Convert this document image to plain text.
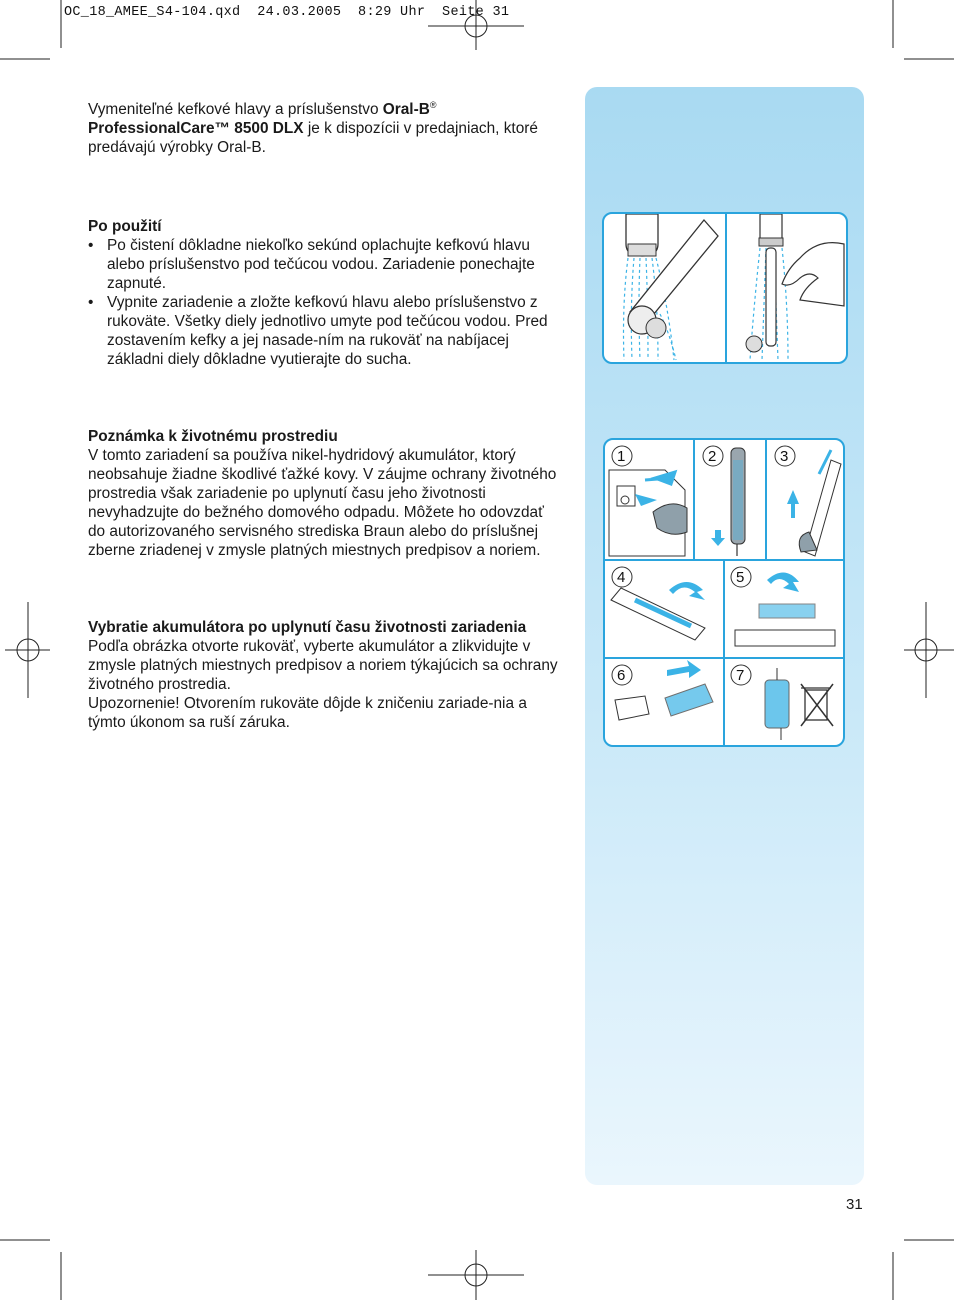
OC_18_AMEE_S4-104.qxd  24.03.2005  8:29 Uhr  Seite 31

Vymeniteľné kefkové hlavy a príslušenstvo Oral-B®
ProfessionalCare™ 8500 DLX je k dispozícii v predajniach, ktoré predávajú výrobky Oral-B.

Po použití

• Po čistení dôkladne niekoľko sekúnd oplachujte kefkovú hlavu alebo príslušenstvo pod tečúcou vodou. Zariadenie ponechajte zapnuté.
• Vypnite zariadenie a zložte kefkovú hlavu alebo príslušenstvo z rukoväte. Všetky diely jednotlivo umyte pod tečúcou vodou. Pred zostavením kefky a jej nasade-ním na rukoväť na nabíjacej základni diely dôkladne vyutierajte do sucha.

Poznámka k životnému prostrediu

V tomto zariadení sa používa nikel-hydridový akumulátor, ktorý neobsahuje žiadne škodlivé ťažké kovy. V záujme ochrany životného prostredia však zariadenie po uplynutí času jeho životnosti nevyhadzujte do bežného domového odpadu. Môžete ho odovzdať do autorizovaného servisného strediska Braun alebo do príslušnej zberne zriadenej v zmysle platných miestnych predpisov a noriem.

Vybratie akumulátora po uplynutí času životnosti zariadenia

Podľa obrázka otvorte rukoväť, vyberte akumulátor a zlikvidujte v zmysle platných miestnych predpisov a noriem týkajúcich sa ochrany životného prostredia.

Upozornenie! Otvorením rukoväte dôjde k zničeniu zariade-nia a týmto úkonom sa ruší záruka.

1	2	3
4	5
6	7
31
